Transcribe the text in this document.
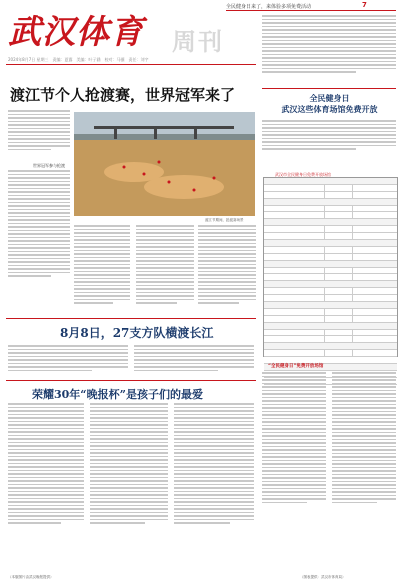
武汉体育 周刊
2024年8月7日 星期三　责编：夏露　美编：叶子涵　校对：马骧　责任：刘宇
全民健身日来了，来体验多项免费活动	7
渡江节个人抢渡赛，世界冠军来了
世界冠军参与抢渡
渡江节期间，抢渡赛场景
8月8日，27支方队横渡长江
荣耀30年“晚报杯”是孩子们的最爱
（本版图片由武汉晚报提供）
全民健身日
武汉这些体育场馆免费开放
武汉市全民健身日免费开放场馆
“全民健身日”免费开放场馆
（图表提供：武汉市体育局）
